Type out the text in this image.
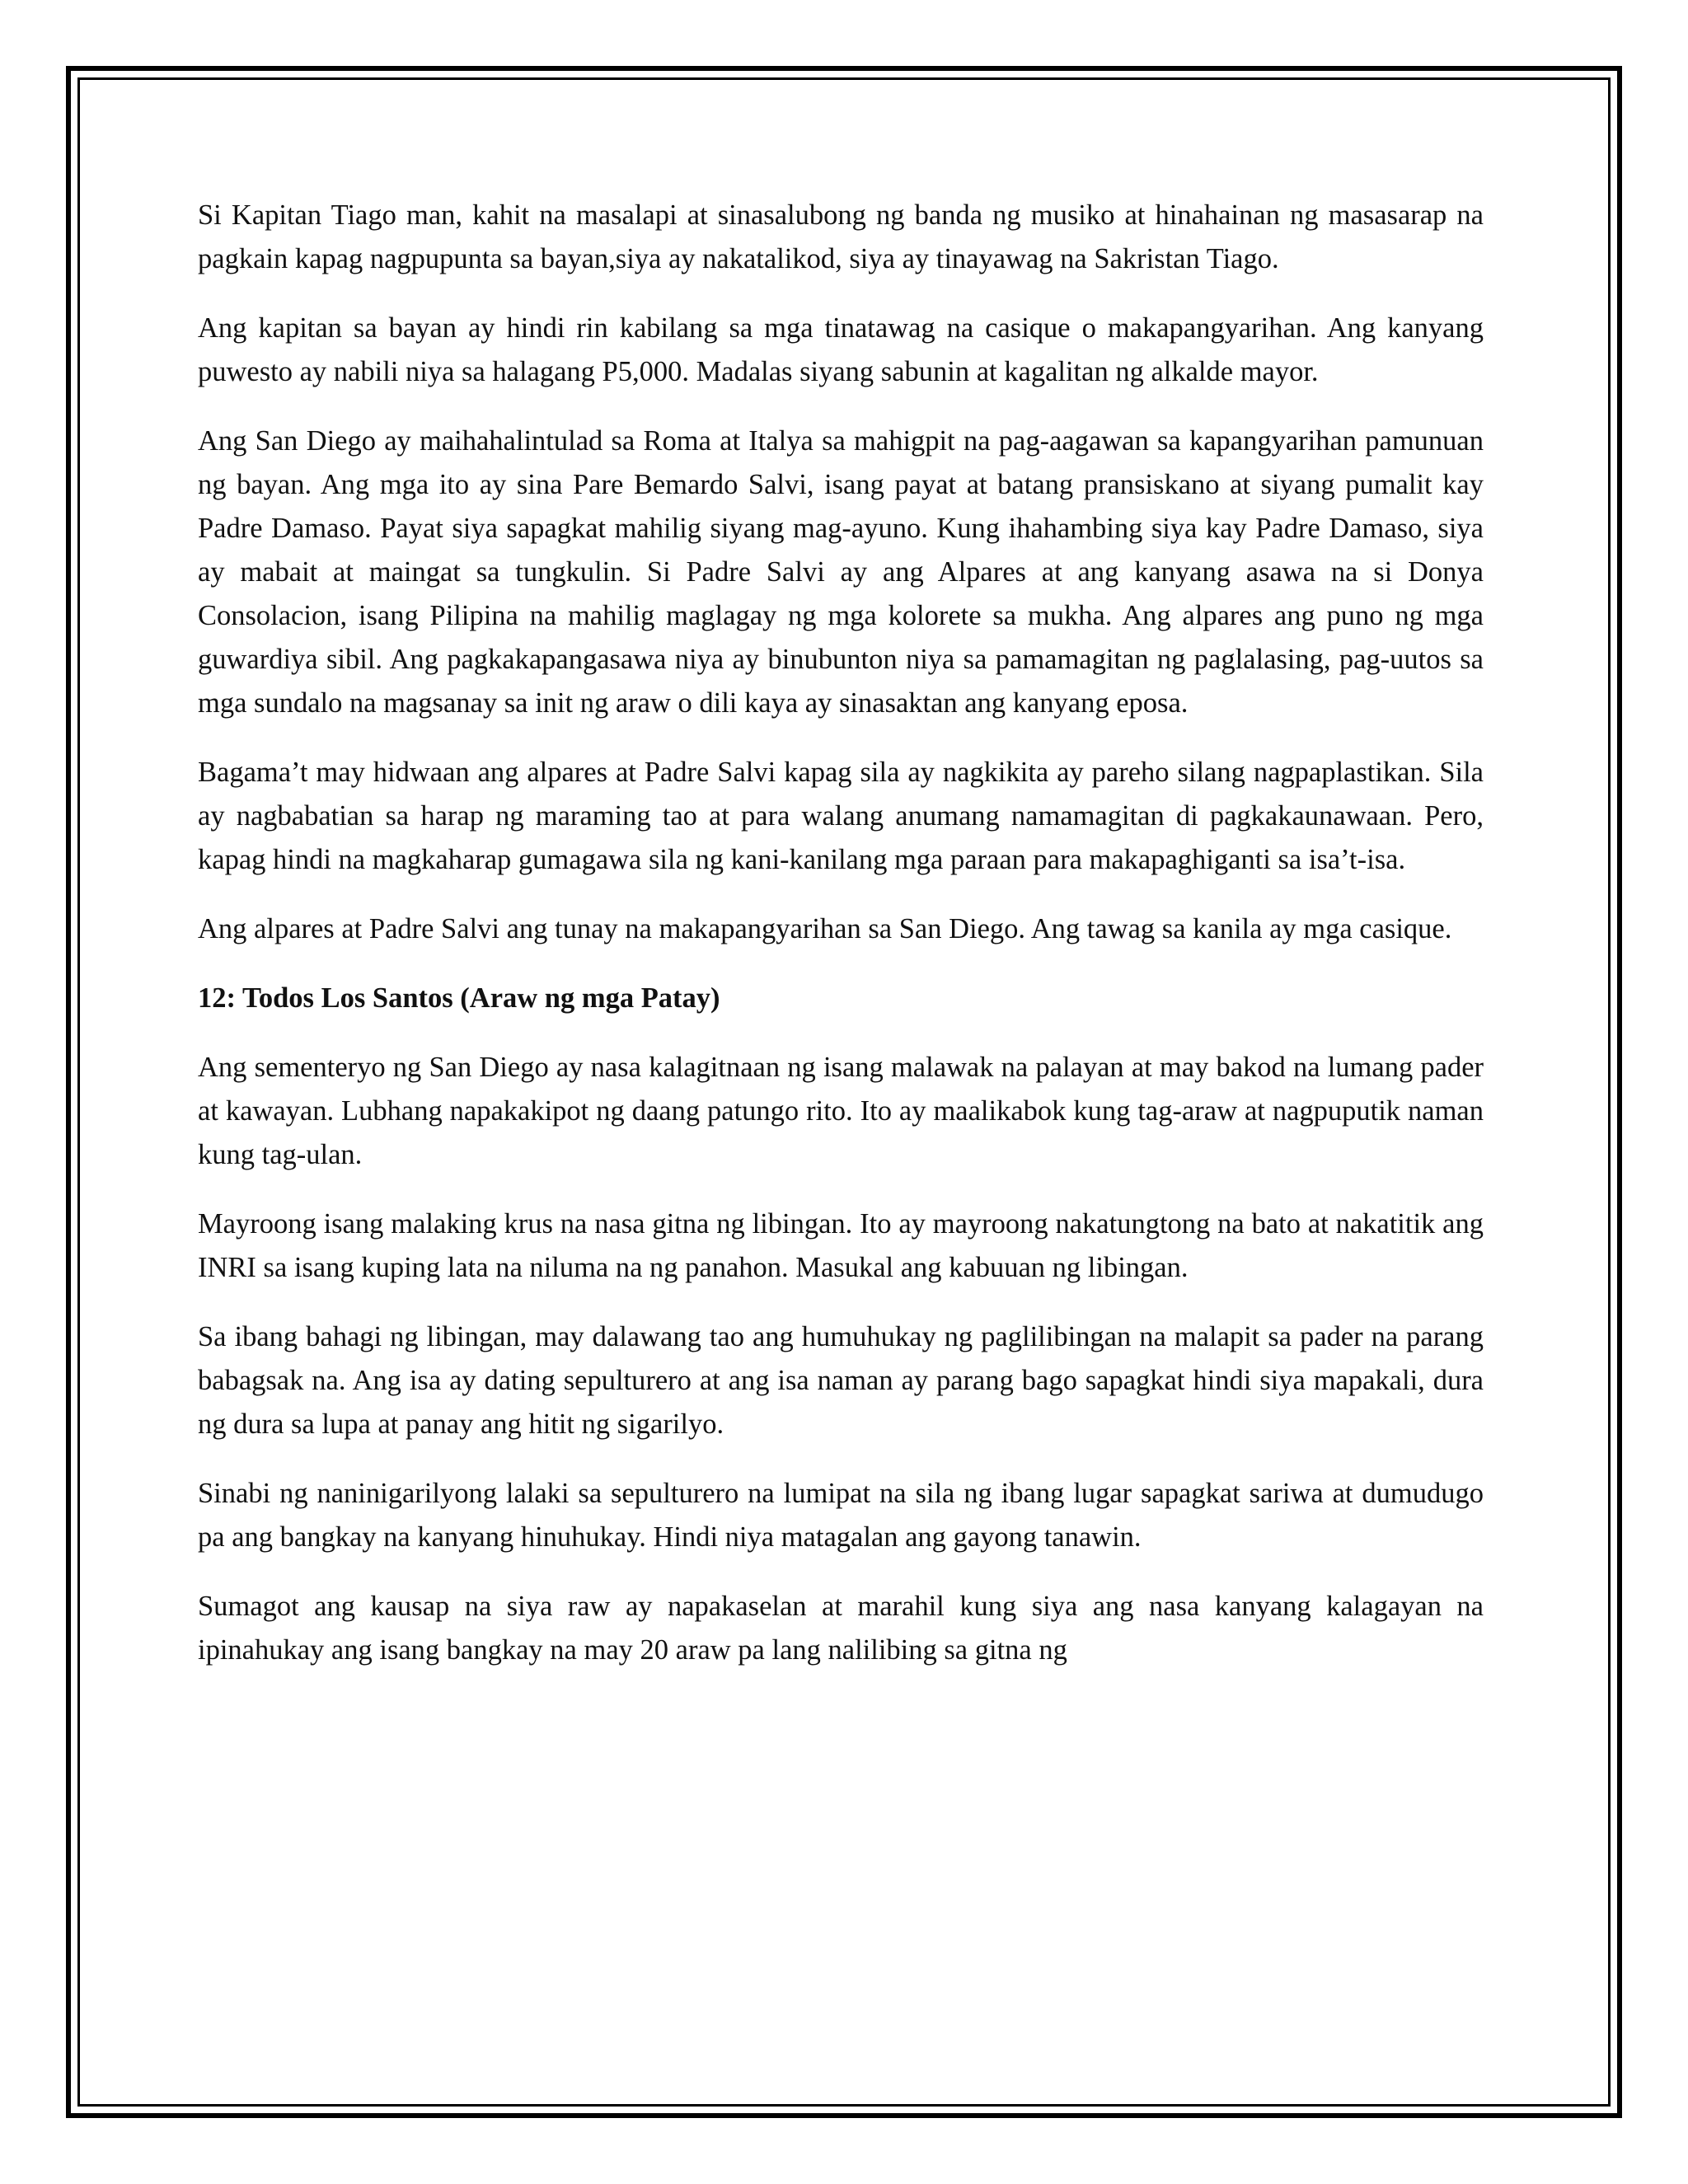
Si Kapitan Tiago man, kahit na masalapi at sinasalubong ng banda ng musiko at hinahainan ng masasarap na pagkain kapag nagpupunta sa bayan,siya ay nakatalikod, siya ay tinayawag na Sakristan Tiago.

Ang kapitan sa bayan ay hindi rin kabilang sa mga tinatawag na casique o makapangyarihan. Ang kanyang puwesto ay nabili niya sa halagang P5,000. Madalas siyang sabunin at kagalitan ng alkalde mayor.

Ang San Diego ay maihahalintulad sa Roma at Italya sa mahigpit na pag-aagawan sa kapangyarihan pamunuan ng bayan. Ang mga ito ay sina Pare Bemardo Salvi, isang payat at batang pransiskano at siyang pumalit kay Padre Damaso. Payat siya sapagkat mahilig siyang mag-ayuno. Kung ihahambing siya kay Padre Damaso, siya ay mabait at maingat sa tungkulin. Si Padre Salvi ay ang Alpares at ang kanyang asawa na si Donya Consolacion, isang Pilipina na mahilig maglagay ng mga kolorete sa mukha. Ang alpares ang puno ng mga guwardiya sibil. Ang pagkakapangasawa niya ay binubunton niya sa pamamagitan ng paglalasing, pag-uutos sa mga sundalo na magsanay sa init ng araw o dili kaya ay sinasaktan ang kanyang eposa.

Bagama’t may hidwaan ang alpares at Padre Salvi kapag sila ay nagkikita ay pareho silang nagpaplastikan. Sila ay nagbabatian sa harap ng maraming tao at para walang anumang namamagitan di pagkakaunawaan. Pero, kapag hindi na magkaharap gumagawa sila ng kani-kanilang mga paraan para makapaghiganti sa isa’t-isa.

Ang alpares at Padre Salvi ang tunay na makapangyarihan sa San Diego. Ang tawag sa kanila ay mga casique.

12: Todos Los Santos (Araw ng mga Patay)

Ang sementeryo ng San Diego ay nasa kalagitnaan ng isang malawak na palayan at may bakod na lumang pader at kawayan. Lubhang napakakipot ng daang patungo rito. Ito ay maalikabok kung tag-araw at nagpuputik naman kung tag-ulan.

Mayroong isang malaking krus na nasa gitna ng libingan. Ito ay mayroong nakatungtong na bato at nakatitik ang INRI sa isang kuping lata na niluma na ng panahon. Masukal ang kabuuan ng libingan.

Sa ibang bahagi ng libingan, may dalawang tao ang humuhukay ng paglilibingan na malapit sa pader na parang babagsak na. Ang isa ay dating sepulturero at ang isa naman ay parang bago sapagkat hindi siya mapakali, dura ng dura sa lupa at panay ang hitit ng sigarilyo.

Sinabi ng naninigarilyong lalaki sa sepulturero na lumipat na sila ng ibang lugar sapagkat sariwa at dumudugo pa ang bangkay na kanyang hinuhukay. Hindi niya matagalan ang gayong tanawin.

Sumagot ang kausap na siya raw ay napakaselan at marahil kung siya ang nasa kanyang kalagayan na ipinahukay ang isang bangkay na may 20 araw pa lang nalilibing sa gitna ng
